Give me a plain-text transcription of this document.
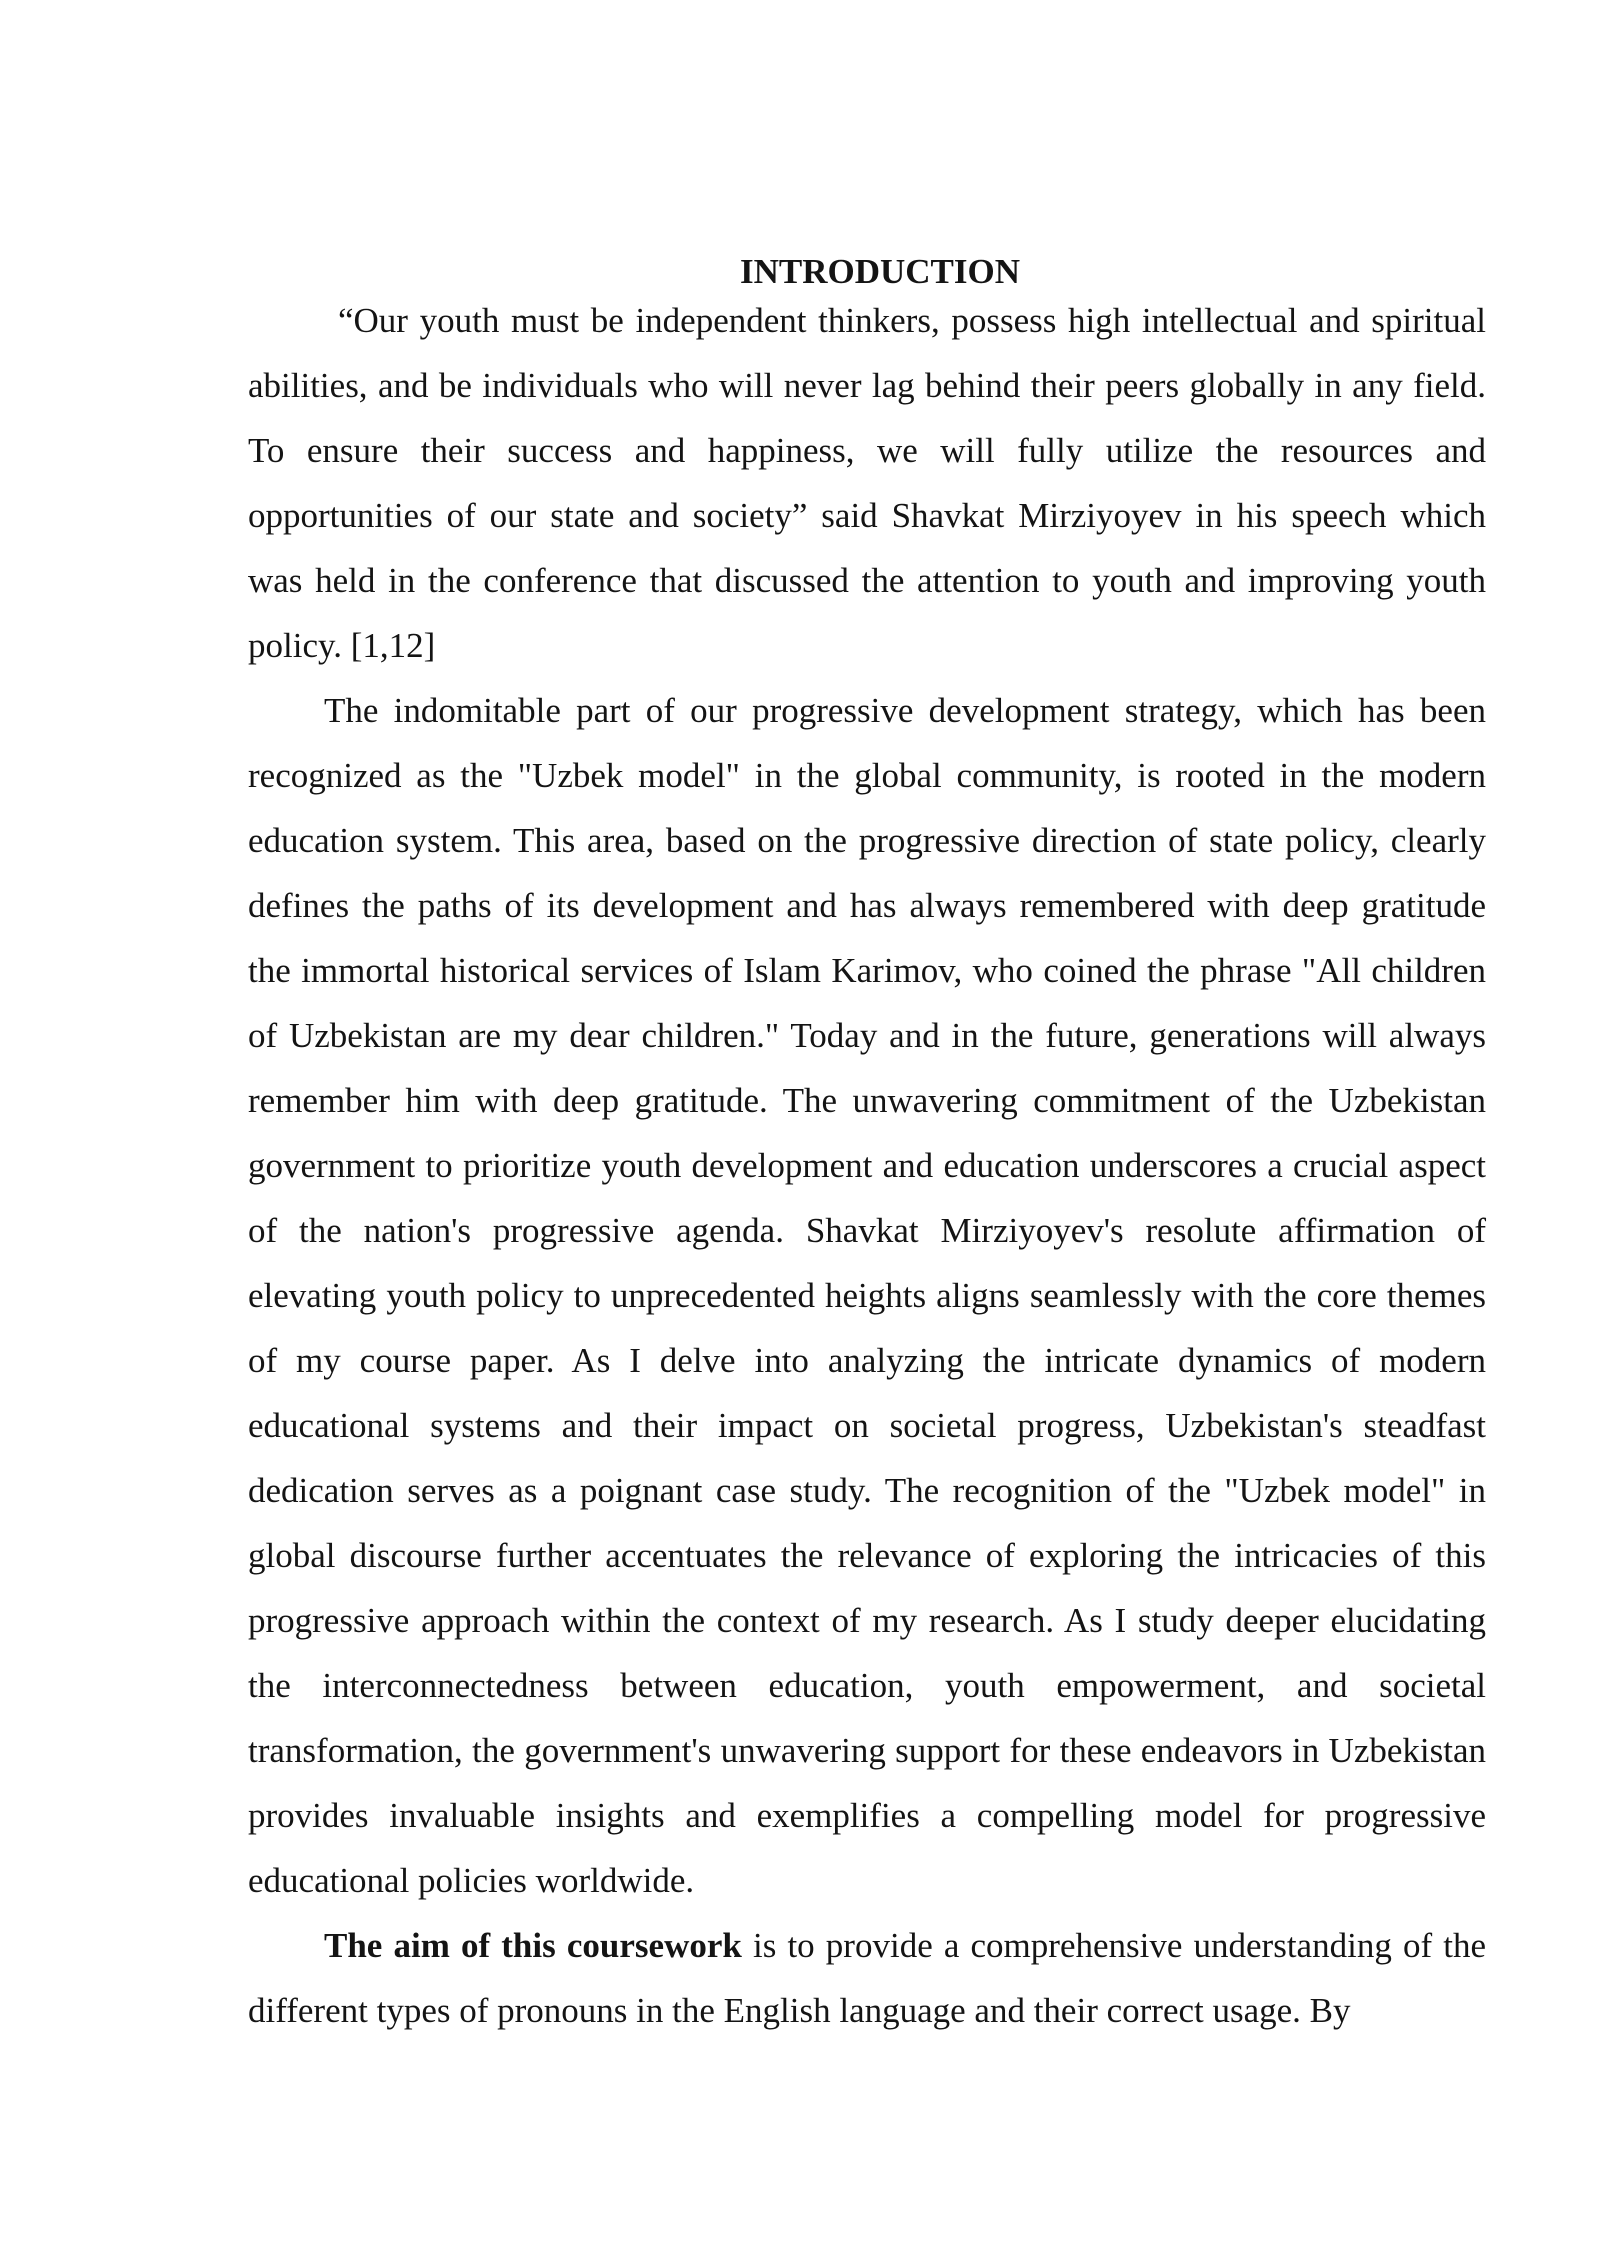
INTRODUCTION

“Our youth must be independent thinkers, possess high intellectual and spiritual abilities, and be individuals who will never lag behind their peers globally in any field. To ensure their success and happiness, we will fully utilize the resources and opportunities of our state and society” said Shavkat Mirziyoyev in his speech which was held in the conference that discussed the attention to youth and improving youth policy. [1,12]

The indomitable part of our progressive development strategy, which has been recognized as the "Uzbek model" in the global community, is rooted in the modern education system. This area, based on the progressive direction of state policy, clearly defines the paths of its development and has always remembered with deep gratitude the immortal historical services of Islam Karimov, who coined the phrase "All children of Uzbekistan are my dear children." Today and in the future, generations will always remember him with deep gratitude. The unwavering commitment of the Uzbekistan government to prioritize youth development and education underscores a crucial aspect of the nation's progressive agenda. Shavkat Mirziyoyev's resolute affirmation of elevating youth policy to unprecedented heights aligns seamlessly with the core themes of my course paper. As I delve into analyzing the intricate dynamics of modern educational systems and their impact on societal progress, Uzbekistan's steadfast dedication serves as a poignant case study. The recognition of the "Uzbek model" in global discourse further accentuates the relevance of exploring the intricacies of this progressive approach within the context of my research. As I study deeper elucidating the interconnectedness between education, youth empowerment, and societal transformation, the government's unwavering support for these endeavors in Uzbekistan provides invaluable insights and exemplifies a compelling model for progressive educational policies worldwide.

The aim of this coursework is to provide a comprehensive understanding of the different types of pronouns in the English language and their correct usage. By
